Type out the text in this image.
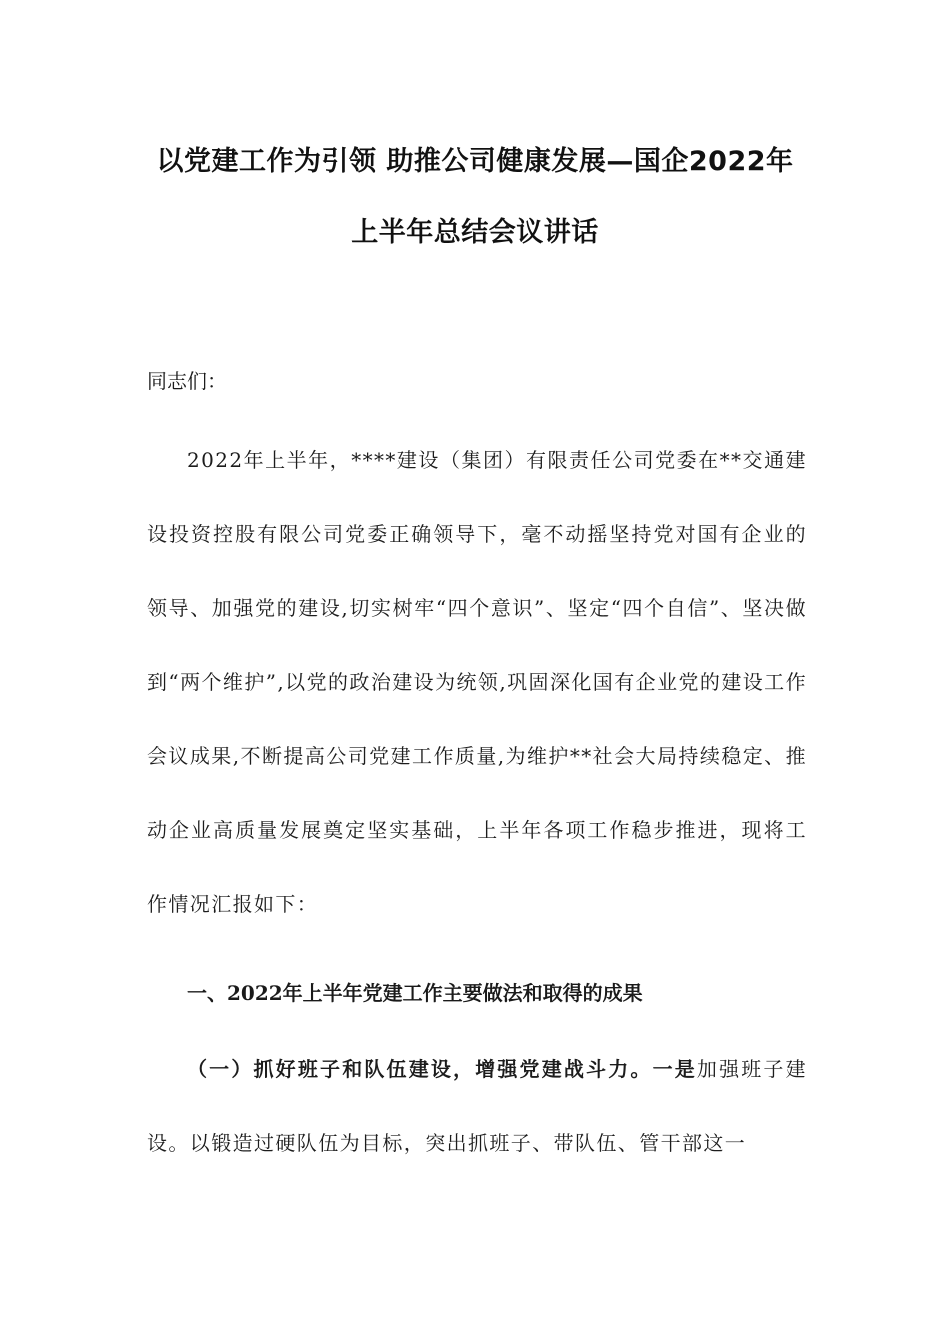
以党建工作为引领 助推公司健康发展—国企2022年
上半年总结会议讲话
同志们：
2022年上半年，****建设（集团）有限责任公司党委在**交通建设投资控股有限公司党委正确领导下，毫不动摇坚持党对国有企业的领导、加强党的建设,切实树牢“四个意识”、坚定“四个自信”、坚决做到“两个维护”,以党的政治建设为统领,巩固深化国有企业党的建设工作会议成果,不断提高公司党建工作质量,为维护**社会大局持续稳定、推动企业高质量发展奠定坚实基础，上半年各项工作稳步推进，现将工作情况汇报如下：
一、2022年上半年党建工作主要做法和取得的成果
（一）抓好班子和队伍建设，增强党建战斗力。一是加强班子建设。以锻造过硬队伍为目标，突出抓班子、带队伍、管干部这一
